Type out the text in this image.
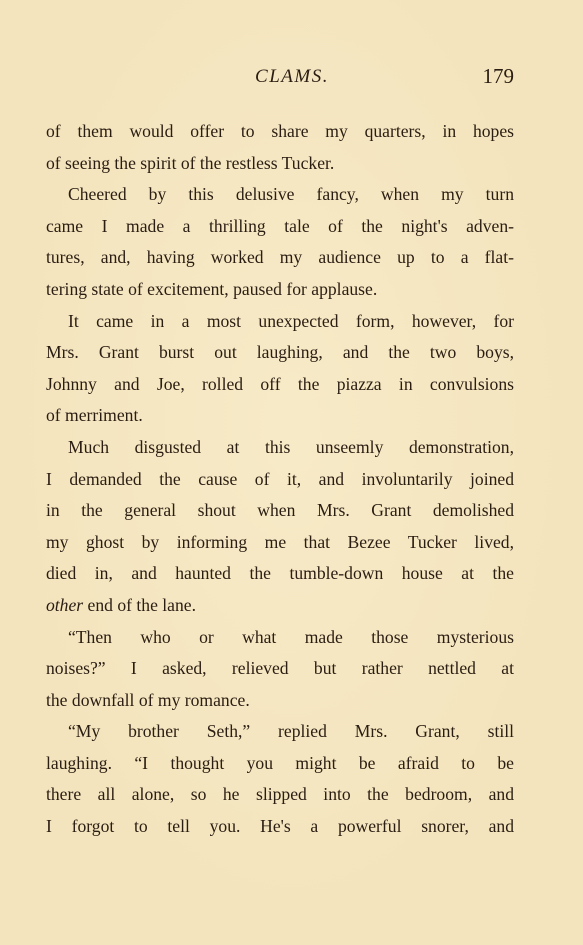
CLAMS.	179
of them would offer to share my quarters, in hopes
of seeing the spirit of the restless Tucker.
Cheered by this delusive fancy, when my turn
came I made a thrilling tale of the night's adven-
tures, and, having worked my audience up to a flat-
tering state of excitement, paused for applause.
It came in a most unexpected form, however, for
Mrs. Grant burst out laughing, and the two boys,
Johnny and Joe, rolled off the piazza in convulsions
of merriment.
Much disgusted at this unseemly demonstration,
I demanded the cause of it, and involuntarily joined
in the general shout when Mrs. Grant demolished
my ghost by informing me that Bezee Tucker lived,
died in, and haunted the tumble-down house at the
other end of the lane.
“Then who or what made those mysterious
noises?” I asked, relieved but rather nettled at
the downfall of my romance.
“My brother Seth,” replied Mrs. Grant, still
laughing. “I thought you might be afraid to be
there all alone, so he slipped into the bedroom, and
I forgot to tell you. He's a powerful snorer, and
